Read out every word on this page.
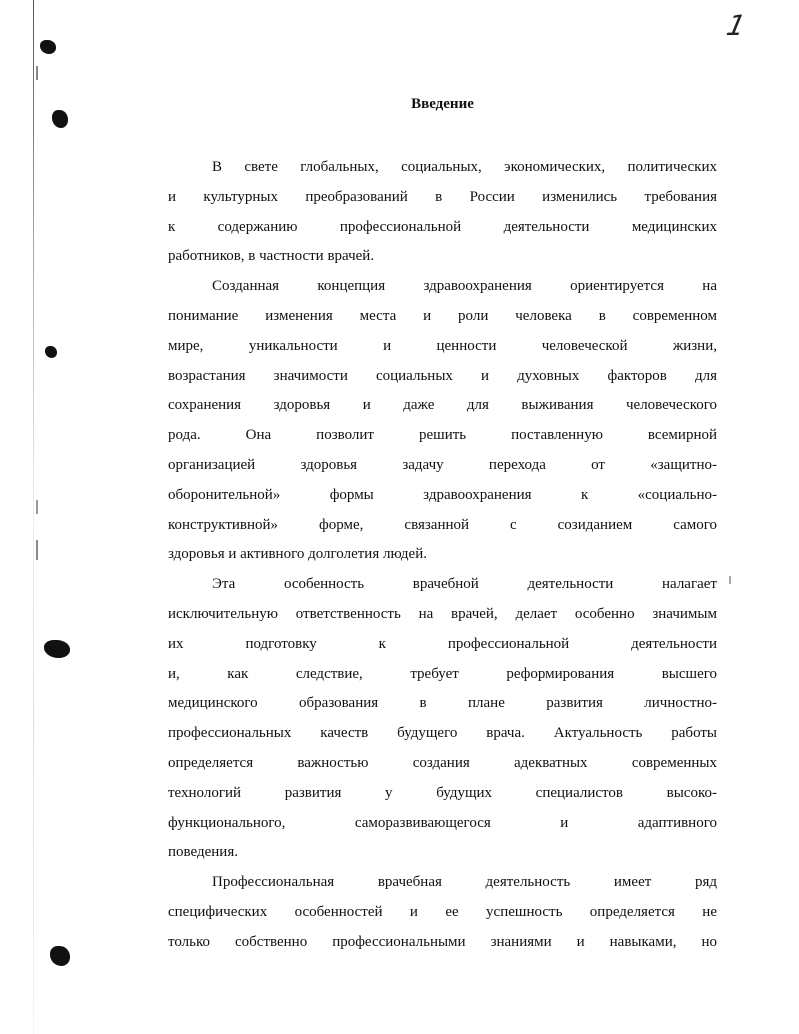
1
Введение

В свете глобальных, социальных, экономических, политических
и культурных преобразований в России изменились требования
к содержанию профессиональной деятельности медицинских
работников, в частности врачей.

Созданная концепция здравоохранения ориентируется на
понимание изменения места и роли человека в современном
мире, уникальности и ценности человеческой жизни,
возрастания значимости социальных и духовных факторов для
сохранения здоровья и даже для выживания человеческого
рода. Она позволит решить поставленную всемирной
организацией здоровья задачу перехода от «защитно-
оборонительной» формы здравоохранения к «социально-
конструктивной» форме, связанной с созиданием самого
здоровья и активного долголетия людей.

Эта особенность врачебной деятельности налагает
исключительную ответственность на врачей, делает особенно значимым
их подготовку к профессиональной деятельности
и, как следствие, требует реформирования высшего
медицинского образования в плане развития личностно-
профессиональных качеств будущего врача. Актуальность работы
определяется важностью создания адекватных современных
технологий развития у будущих специалистов высоко-
функционального, саморазвивающегося и адаптивного
поведения.

Профессиональная врачебная деятельность имеет ряд
специфических особенностей и ее успешность определяется не
только собственно профессиональными знаниями и навыками, но
